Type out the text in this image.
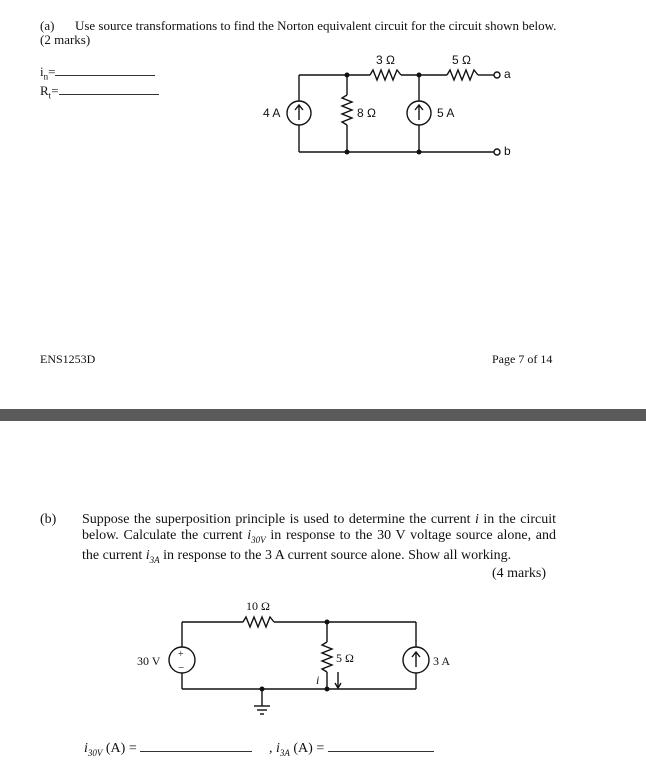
(a) Use source transformations to find the Norton equivalent circuit for the circuit shown below.
(2 marks)
$i_n=$
$R_t=$
3 Ω	5 Ω
8 Ω
4 A	5 A
a
b
ENS1253D	Page 7 of 14
(b) Suppose the superposition principle is used to determine the current i in the circuit below. Calculate the current $i_{30V}$ in response to the 30 V voltage source alone, and the current $i_{3A}$ in response to the 3 A current source alone. Show all working.
(4 marks)
+
−
10 Ω
5 Ω
30 V	3 A
i
$i_{30V}$ (A) =	, $i_{3A}$ (A) =
